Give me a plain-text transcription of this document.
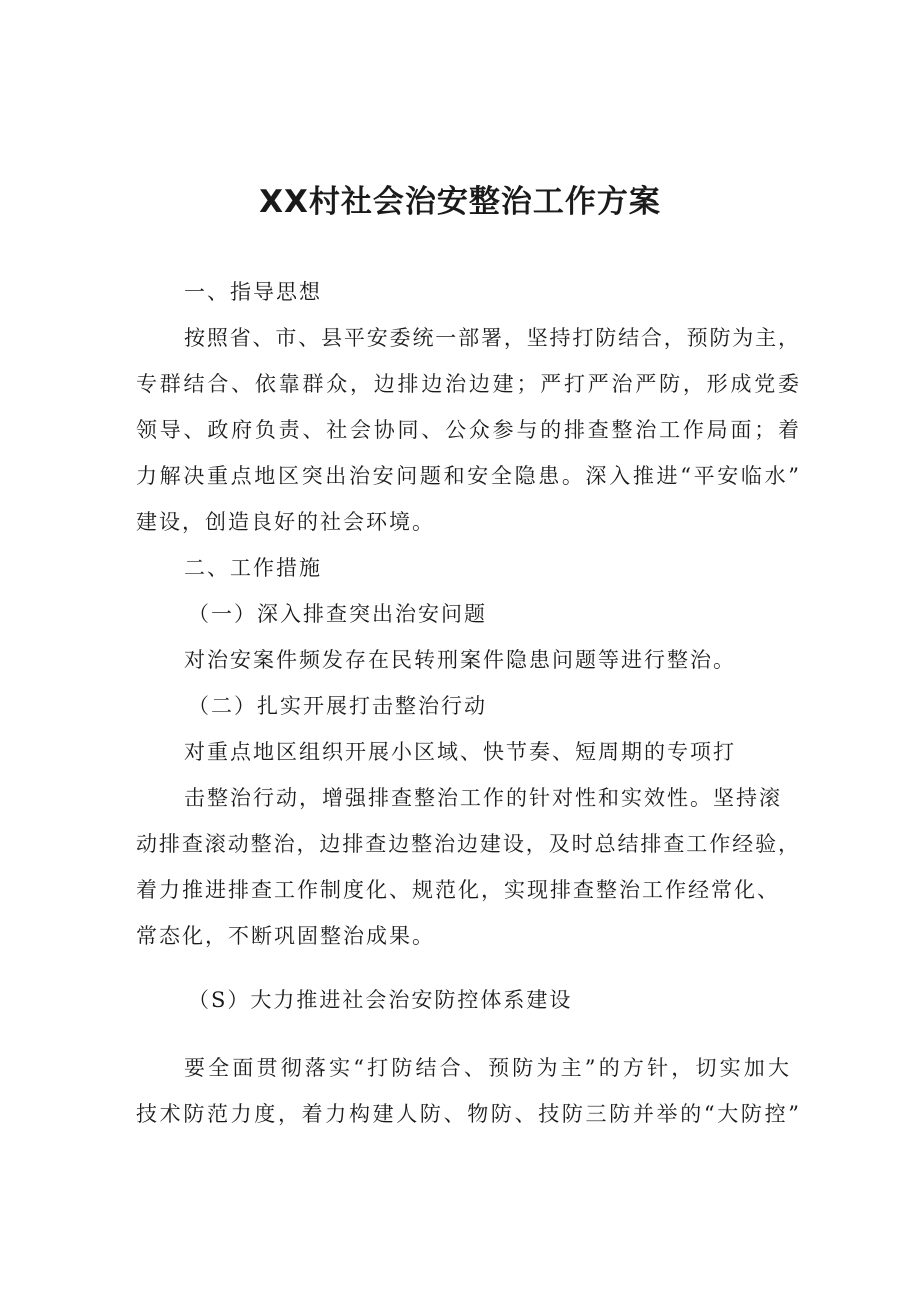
XX村社会治安整治工作方案
一、指导思想
按照省、市、县平安委统一部署，坚持打防结合，预防为主，
专群结合、依靠群众，边排边治边建；严打严治严防，形成党委
领导、政府负责、社会协同、公众参与的排查整治工作局面；着
力解决重点地区突出治安问题和安全隐患。深入推进“平安临水”
建设，创造良好的社会环境。
二、工作措施
（一）深入排查突出治安问题
对治安案件频发存在民转刑案件隐患问题等进行整治。
（二）扎实开展打击整治行动
对重点地区组织开展小区域、快节奏、短周期的专项打
击整治行动，增强排查整治工作的针对性和实效性。坚持滚
动排查滚动整治，边排查边整治边建设，及时总结排查工作经验，
着力推进排查工作制度化、规范化，实现排查整治工作经常化、
常态化，不断巩固整治成果。
（S）大力推进社会治安防控体系建设
要全面贯彻落实“打防结合、预防为主”的方针，切实加大
技术防范力度，着力构建人防、物防、技防三防并举的“大防控”
